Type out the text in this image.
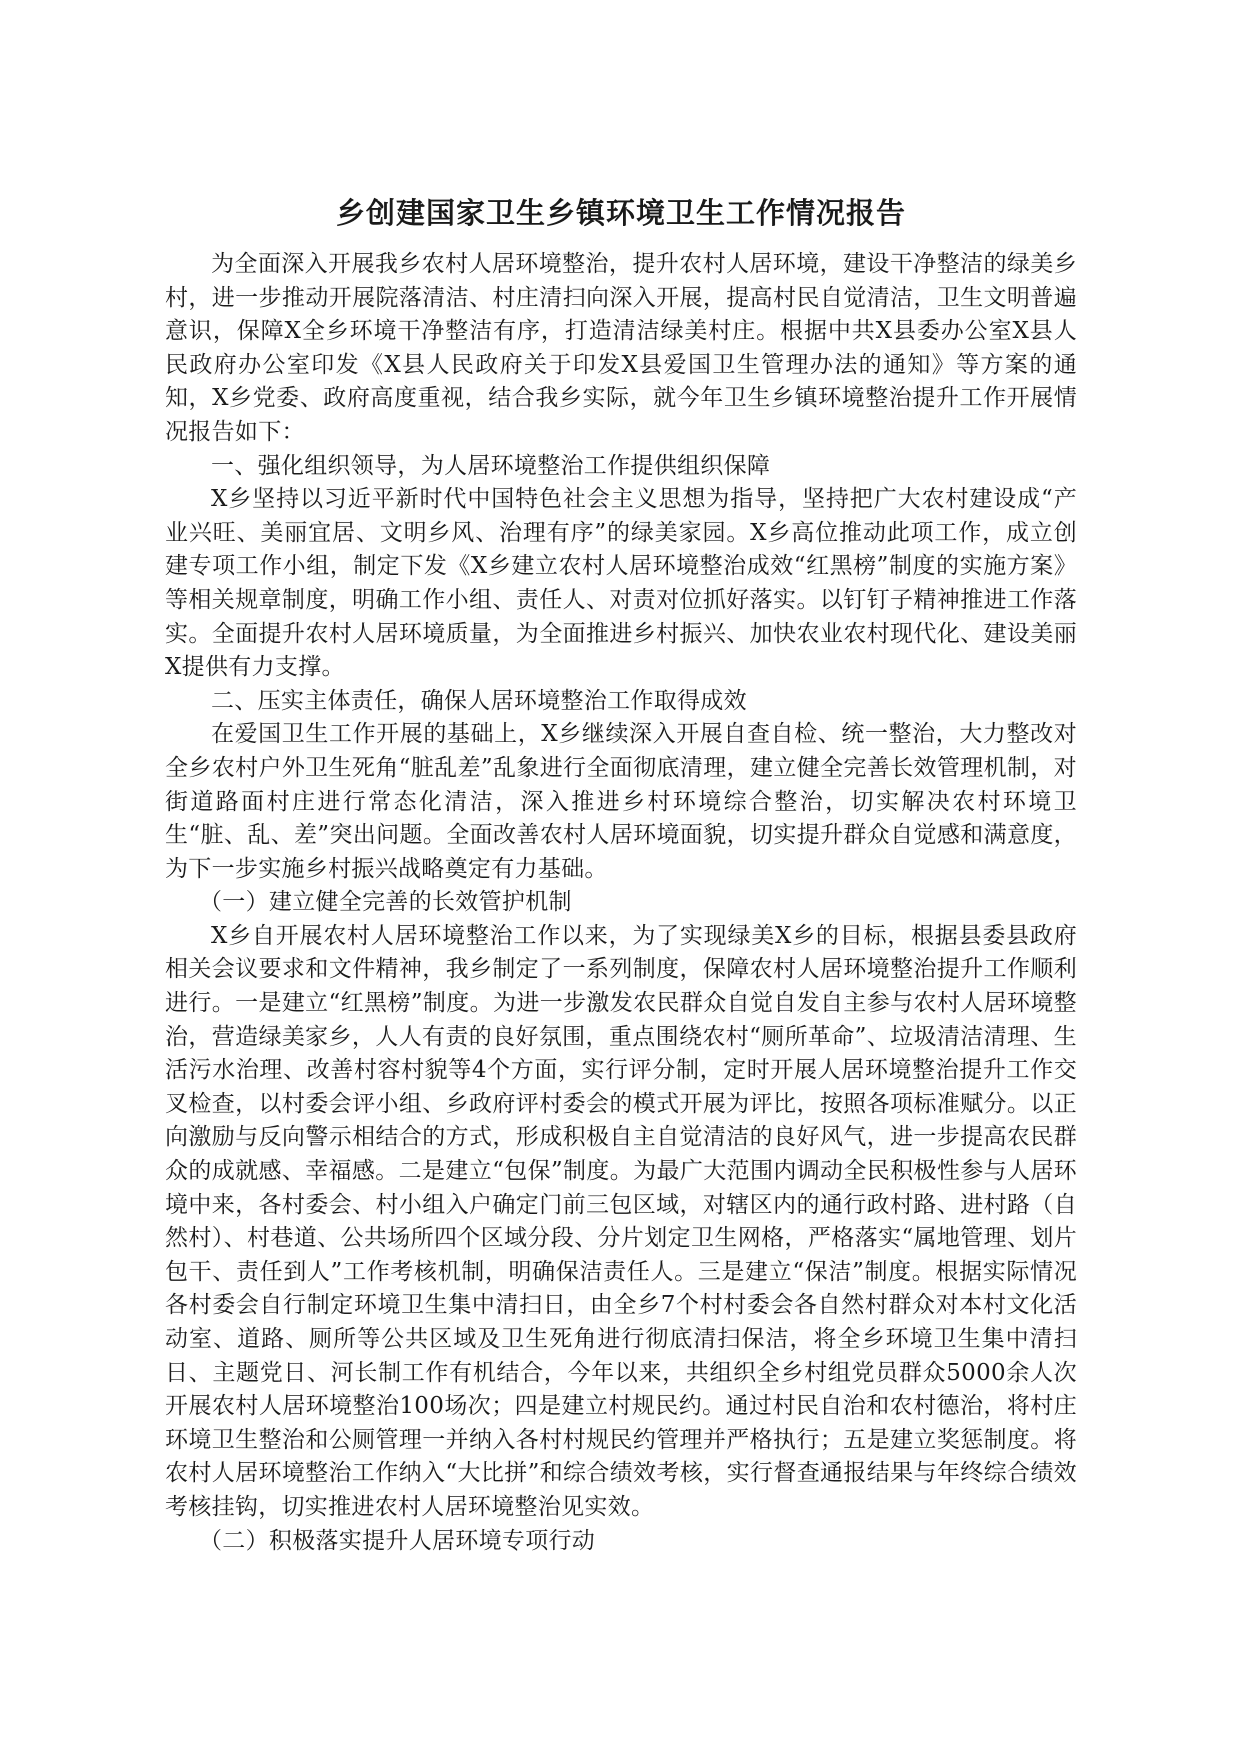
乡创建国家卫生乡镇环境卫生工作情况报告

为全面深入开展我乡农村人居环境整治，提升农村人居环境，建设干净整洁的绿美乡村，进一步推动开展院落清洁、村庄清扫向深入开展，提高村民自觉清洁，卫生文明普遍意识，保障X全乡环境干净整洁有序，打造清洁绿美村庄。根据中共X县委办公室X县人民政府办公室印发《X县人民政府关于印发X县爱国卫生管理办法的通知》等方案的通知，X乡党委、政府高度重视，结合我乡实际，就今年卫生乡镇环境整治提升工作开展情况报告如下：

一、强化组织领导，为人居环境整治工作提供组织保障

X乡坚持以习近平新时代中国特色社会主义思想为指导，坚持把广大农村建设成“产业兴旺、美丽宜居、文明乡风、治理有序”的绿美家园。X乡高位推动此项工作，成立创建专项工作小组，制定下发《X乡建立农村人居环境整治成效“红黑榜”制度的实施方案》等相关规章制度，明确工作小组、责任人、对责对位抓好落实。以钉钉子精神推进工作落实。全面提升农村人居环境质量，为全面推进乡村振兴、加快农业农村现代化、建设美丽X提供有力支撑。

二、压实主体责任，确保人居环境整治工作取得成效

在爱国卫生工作开展的基础上，X乡继续深入开展自查自检、统一整治，大力整改对全乡农村户外卫生死角“脏乱差”乱象进行全面彻底清理，建立健全完善长效管理机制，对街道路面村庄进行常态化清洁，深入推进乡村环境综合整治，切实解决农村环境卫生“脏、乱、差”突出问题。全面改善农村人居环境面貌，切实提升群众自觉感和满意度，为下一步实施乡村振兴战略奠定有力基础。

（一）建立健全完善的长效管护机制

X乡自开展农村人居环境整治工作以来，为了实现绿美X乡的目标，根据县委县政府相关会议要求和文件精神，我乡制定了一系列制度，保障农村人居环境整治提升工作顺利进行。一是建立“红黑榜”制度。为进一步激发农民群众自觉自发自主参与农村人居环境整治，营造绿美家乡，人人有责的良好氛围，重点围绕农村“厕所革命”、垃圾清洁清理、生活污水治理、改善村容村貌等4个方面，实行评分制，定时开展人居环境整治提升工作交叉检查，以村委会评小组、乡政府评村委会的模式开展为评比，按照各项标准赋分。以正向激励与反向警示相结合的方式，形成积极自主自觉清洁的良好风气，进一步提高农民群众的成就感、幸福感。二是建立“包保”制度。为最广大范围内调动全民积极性参与人居环境中来，各村委会、村小组入户确定门前三包区域，对辖区内的通行政村路、进村路（自然村）、村巷道、公共场所四个区域分段、分片划定卫生网格，严格落实“属地管理、划片包干、责任到人”工作考核机制，明确保洁责任人。三是建立“保洁”制度。根据实际情况各村委会自行制定环境卫生集中清扫日，由全乡7个村村委会各自然村群众对本村文化活动室、道路、厕所等公共区域及卫生死角进行彻底清扫保洁，将全乡环境卫生集中清扫日、主题党日、河长制工作有机结合，今年以来，共组织全乡村组党员群众5000余人次开展农村人居环境整治100场次；四是建立村规民约。通过村民自治和农村德治，将村庄环境卫生整治和公厕管理一并纳入各村村规民约管理并严格执行；五是建立奖惩制度。将农村人居环境整治工作纳入“大比拼”和综合绩效考核，实行督查通报结果与年终综合绩效考核挂钩，切实推进农村人居环境整治见实效。

（二）积极落实提升人居环境专项行动
